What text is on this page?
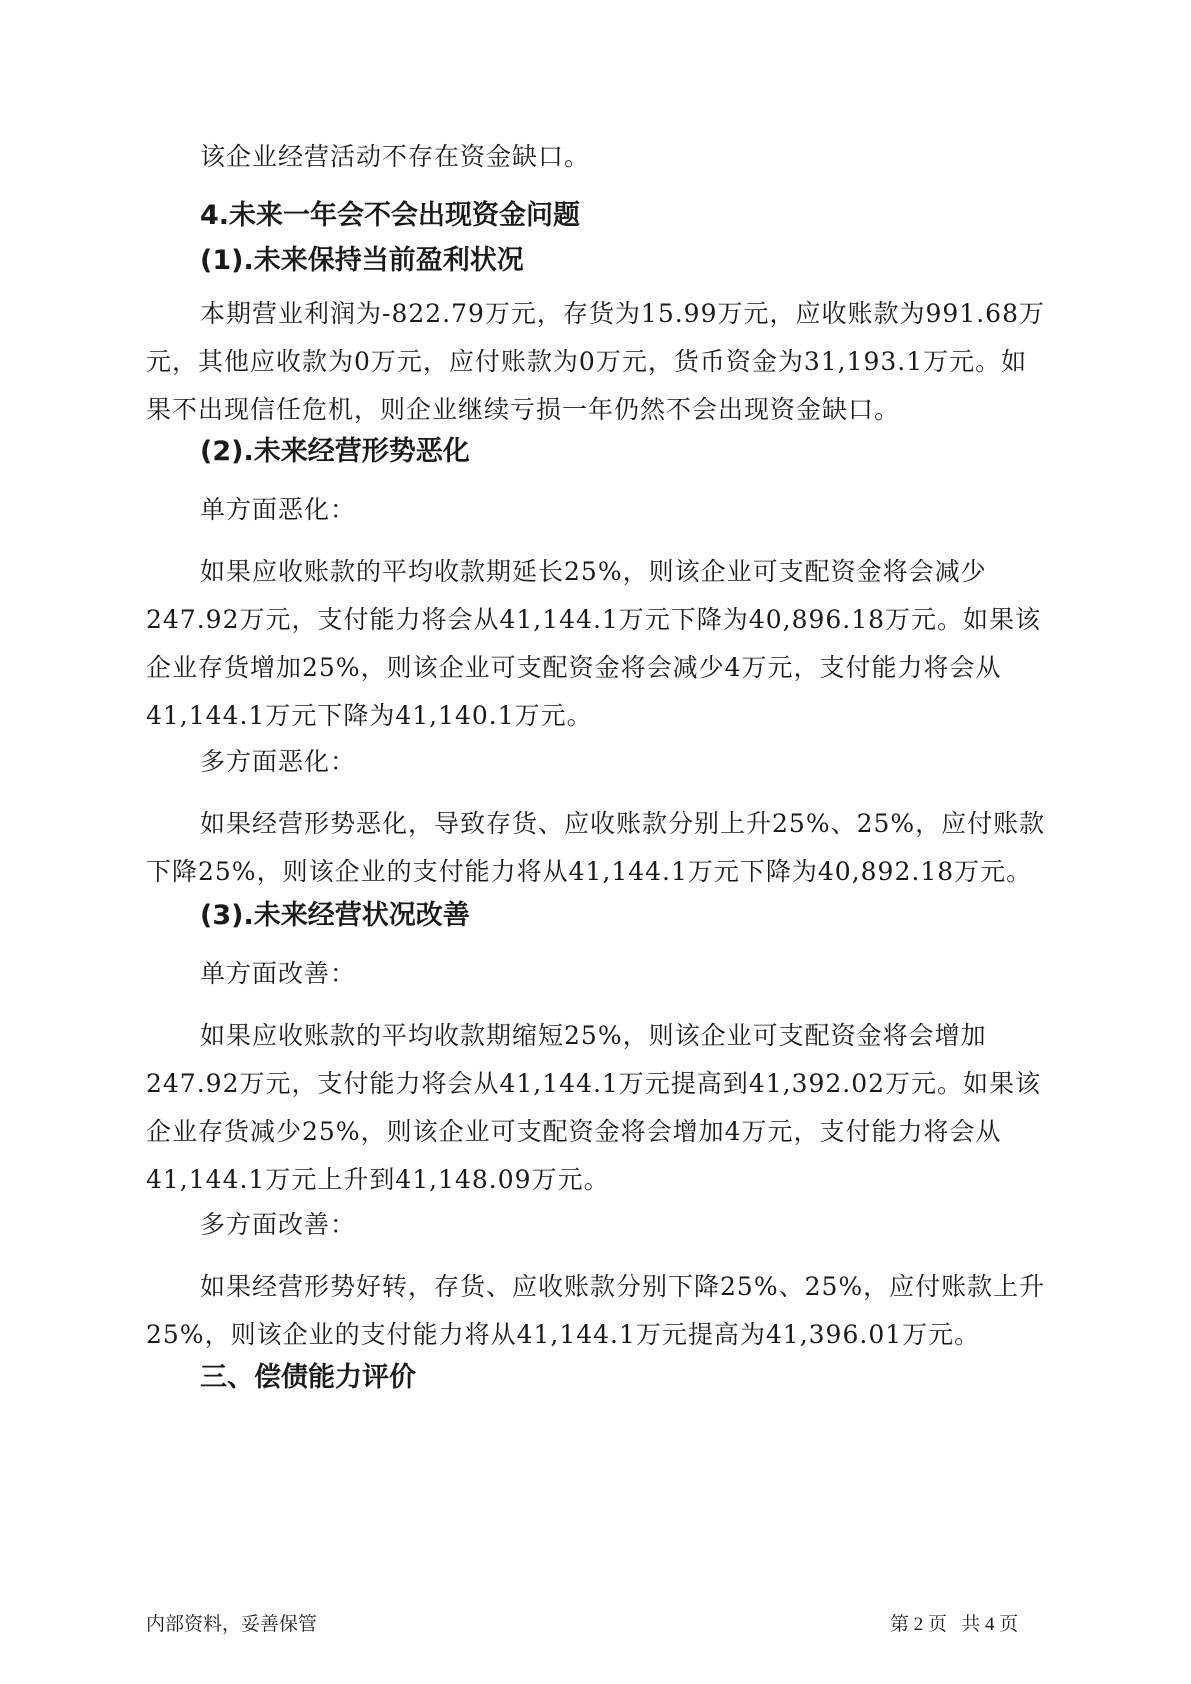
该企业经营活动不存在资金缺口。

4.未来一年会不会出现资金问题
(1).未来保持当前盈利状况

本期营业利润为-822.79万元，存货为15.99万元，应收账款为991.68万元，其他应收款为0万元，应付账款为0万元，货币资金为31,193.1万元。如果不出现信任危机，则企业继续亏损一年仍然不会出现资金缺口。

(2).未来经营形势恶化

单方面恶化：

如果应收账款的平均收款期延长25%，则该企业可支配资金将会减少247.92万元，支付能力将会从41,144.1万元下降为40,896.18万元。如果该企业存货增加25%，则该企业可支配资金将会减少4万元，支付能力将会从41,144.1万元下降为41,140.1万元。

多方面恶化：

如果经营形势恶化，导致存货、应收账款分别上升25%、25%，应付账款下降25%，则该企业的支付能力将从41,144.1万元下降为40,892.18万元。

(3).未来经营状况改善

单方面改善：

如果应收账款的平均收款期缩短25%，则该企业可支配资金将会增加247.92万元，支付能力将会从41,144.1万元提高到41,392.02万元。如果该企业存货减少25%，则该企业可支配资金将会增加4万元，支付能力将会从41,144.1万元上升到41,148.09万元。

多方面改善：

如果经营形势好转，存货、应收账款分别下降25%、25%，应付账款上升25%，则该企业的支付能力将从41,144.1万元提高为41,396.01万元。

三、偿债能力评价
内部资料，妥善保管	第 2 页   共 4 页
